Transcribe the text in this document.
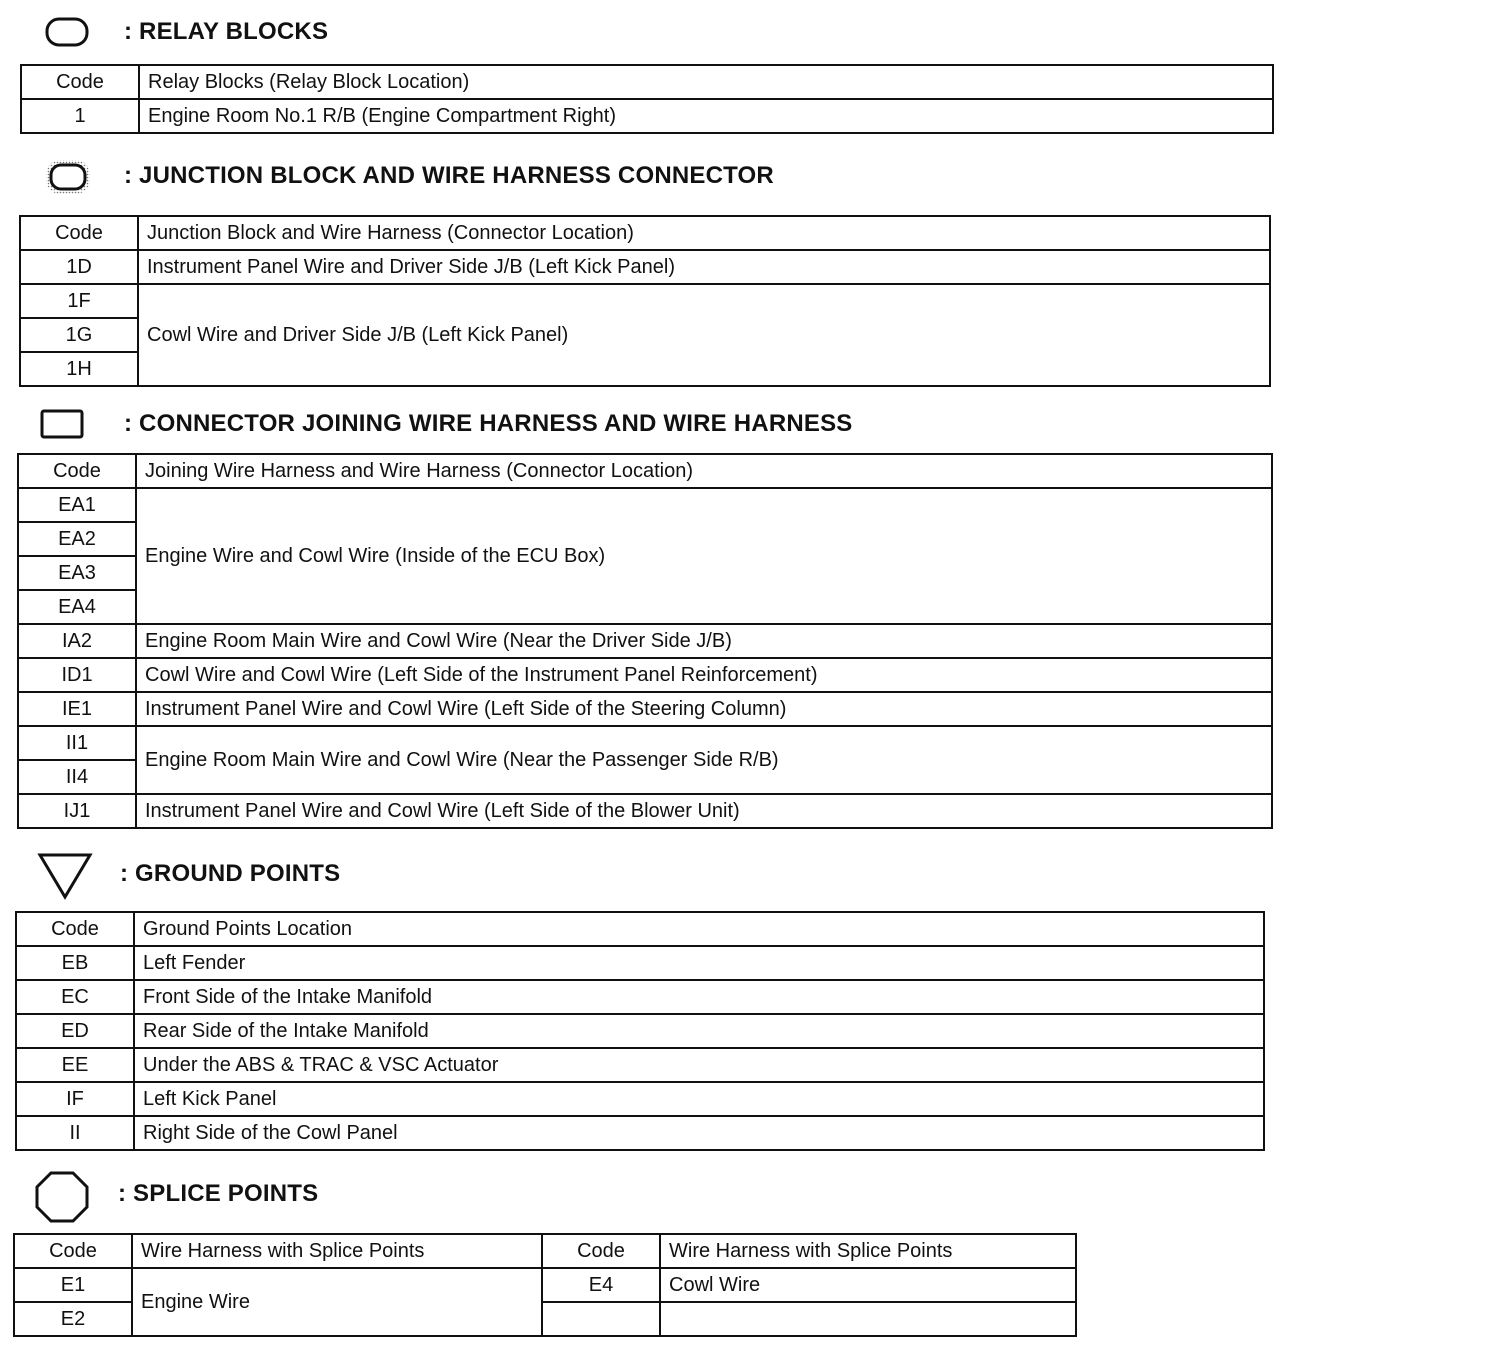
: RELAY BLOCKS
Code	Relay Blocks (Relay Block Location)
1	Engine Room No.1 R/B (Engine Compartment Right)
: JUNCTION BLOCK AND WIRE HARNESS CONNECTOR
Code	Junction Block and Wire Harness (Connector Location)
1D	Instrument Panel Wire and Driver Side J/B (Left Kick Panel)
1F	Cowl Wire and Driver Side J/B (Left Kick Panel)
1G	
1H	
: CONNECTOR JOINING WIRE HARNESS AND WIRE HARNESS
Code	Joining Wire Harness and Wire Harness (Connector Location)
EA1	Engine Wire and Cowl Wire (Inside of the ECU Box)
EA2	
EA3	
EA4	
IA2	Engine Room Main Wire and Cowl Wire (Near the Driver Side J/B)
ID1	Cowl Wire and Cowl Wire (Left Side of the Instrument Panel Reinforcement)
IE1	Instrument Panel Wire and Cowl Wire (Left Side of the Steering Column)
II1	Engine Room Main Wire and Cowl Wire (Near the Passenger Side R/B)
II4	
IJ1	Instrument Panel Wire and Cowl Wire (Left Side of the Blower Unit)
: GROUND POINTS
Code	Ground Points Location
EB	Left Fender
EC	Front Side of the Intake Manifold
ED	Rear Side of the Intake Manifold
EE	Under the ABS & TRAC & VSC Actuator
IF	Left Kick Panel
II	Right Side of the Cowl Panel
: SPLICE POINTS
Code	Wire Harness with Splice Points	Code	Wire Harness with Splice Points
E1	Engine Wire	E4	Cowl Wire
E2			
